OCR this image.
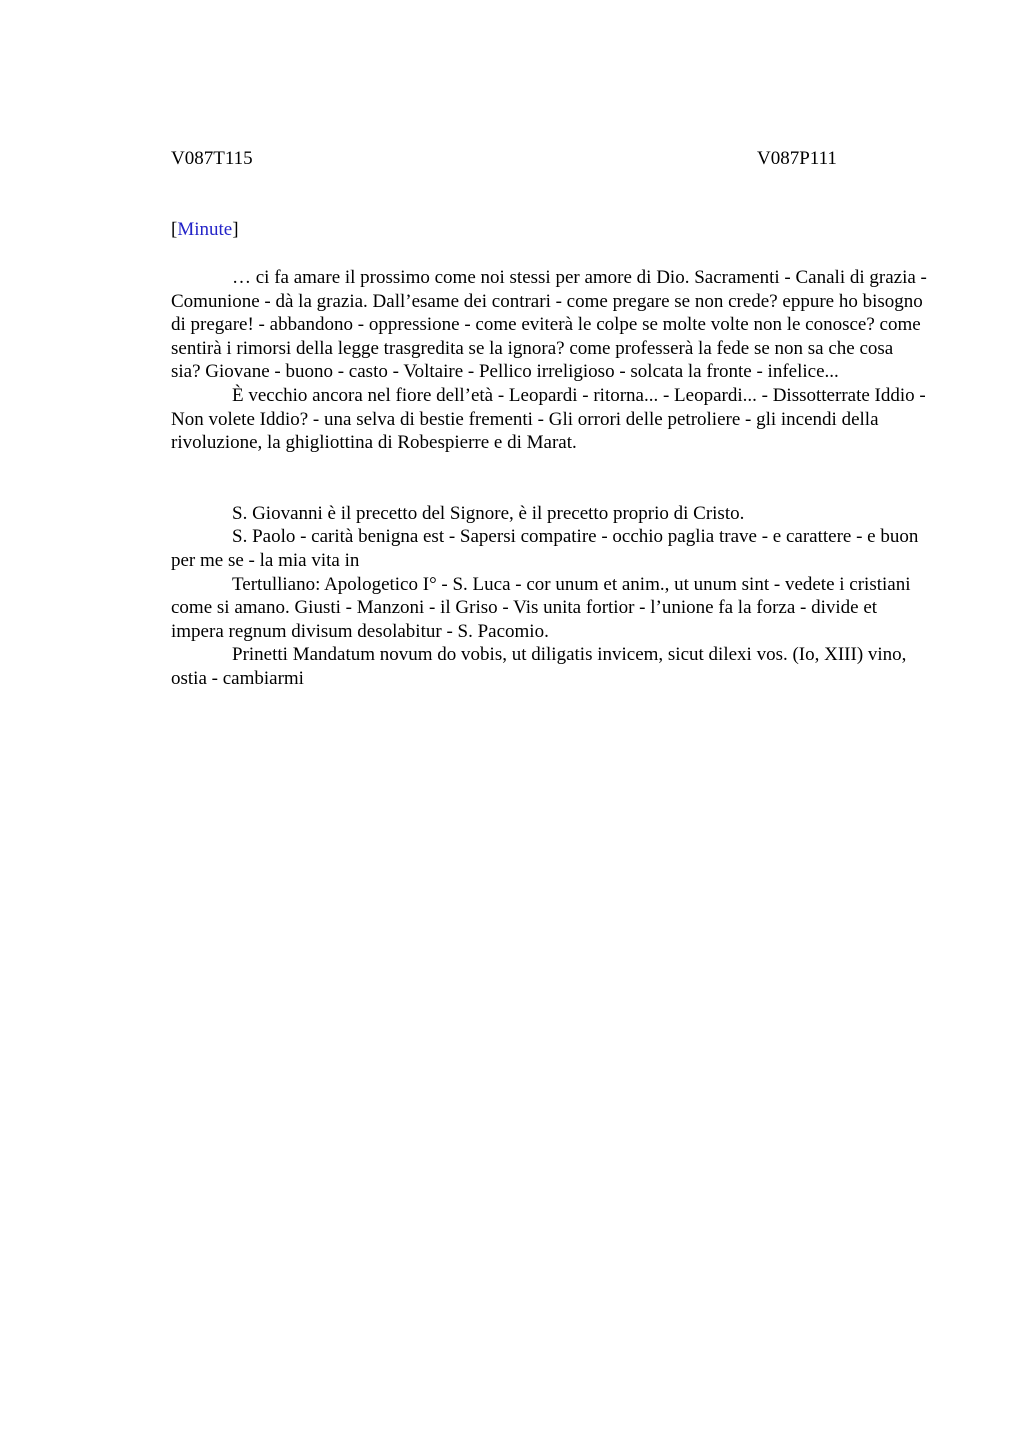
V087T115	V087P111
[Minute]

… ci fa amare il prossimo come noi stessi per amore di Dio. Sacramenti - Canali di grazia - Comunione - dà la grazia. Dall’esame dei contrari - come pregare se non crede? eppure ho bisogno di pregare! - abbandono - oppressione - come eviterà le colpe se molte volte non le conosce? come sentirà i rimorsi della legge trasgredita se la ignora? come professerà la fede se non sa che cosa sia? Giovane - buono - casto - Voltaire - Pellico irreligioso - solcata la fronte - infelice...

È vecchio ancora nel fiore dell’età - Leopardi - ritorna... - Leopardi... - Dissotterrate Iddio - Non volete Iddio? - una selva di bestie frementi - Gli orrori delle petroliere - gli incendi della rivoluzione, la ghigliottina di Robespierre e di Marat.

S. Giovanni è il precetto del Signore, è il precetto proprio di Cristo.

S. Paolo - carità benigna est - Sapersi compatire - occhio paglia trave - e carattere - e buon per me se - la mia vita in

Tertulliano: Apologetico I° - S. Luca - cor unum et anim., ut unum sint - vedete i cristiani come si amano. Giusti - Manzoni - il Griso - Vis unita fortior - l’unione fa la forza - divide et impera regnum divisum desolabitur - S. Pacomio.

Prinetti Mandatum novum do vobis, ut diligatis invicem, sicut dilexi vos. (Io, XIII) vino, ostia - cambiarmi
